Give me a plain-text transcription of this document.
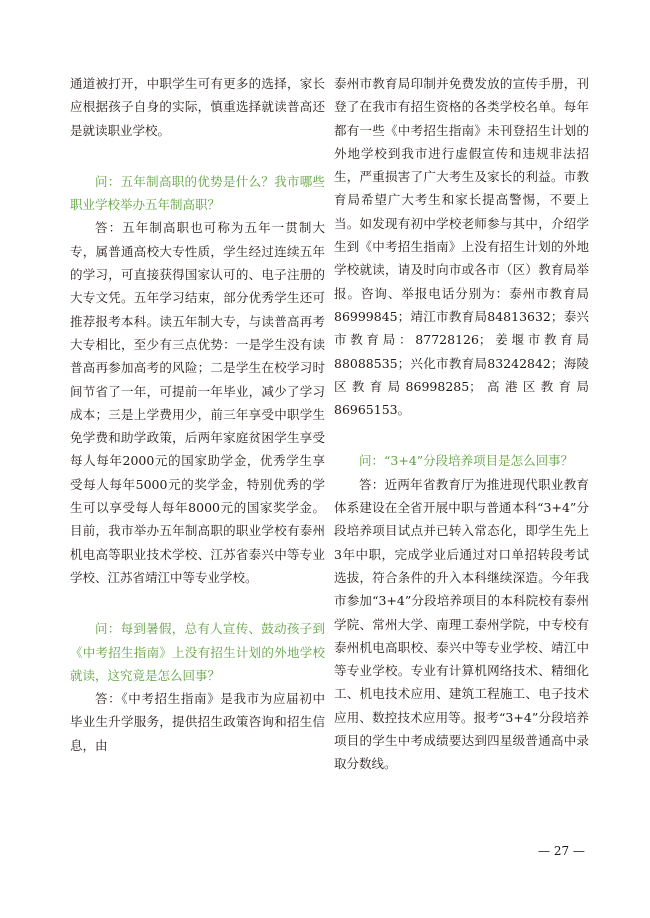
通道被打开，中职学生可有更多的选择，家长应根据孩子自身的实际，慎重选择就读普高还是就读职业学校。

问：五年制高职的优势是什么？我市哪些职业学校举办五年制高职？

答：五年制高职也可称为五年一贯制大专，属普通高校大专性质，学生经过连续五年的学习，可直接获得国家认可的、电子注册的大专文凭。五年学习结束，部分优秀学生还可推荐报考本科。读五年制大专，与读普高再考大专相比，至少有三点优势：一是学生没有读普高再参加高考的风险；二是学生在校学习时间节省了一年，可提前一年毕业，减少了学习成本；三是上学费用少，前三年享受中职学生免学费和助学政策，后两年家庭贫困学生享受每人每年2000元的国家助学金，优秀学生享受每人每年5000元的奖学金，特别优秀的学生可以享受每人每年8000元的国家奖学金。目前，我市举办五年制高职的职业学校有泰州机电高等职业技术学校、江苏省泰兴中等专业学校、江苏省靖江中等专业学校。

问：每到暑假，总有人宣传、鼓动孩子到《中考招生指南》上没有招生计划的外地学校就读，这究竟是怎么回事？

答：《中考招生指南》是我市为应届初中毕业生升学服务，提供招生政策咨询和招生信息，由

泰州市教育局印制并免费发放的宣传手册，刊登了在我市有招生资格的各类学校名单。每年都有一些《中考招生指南》未刊登招生计划的外地学校到我市进行虚假宣传和违规非法招生，严重损害了广大考生及家长的利益。市教育局希望广大考生和家长提高警惕，不要上当。如发现有初中学校老师参与其中，介绍学生到《中考招生指南》上没有招生计划的外地学校就读，请及时向市或各市（区）教育局举报。咨询、举报电话分别为：泰州市教育局86999845；靖江市教育局84813632；泰兴市教育局：87728126；姜堰市教育局88088535；兴化市教育局83242842；海陵区教育局86998285；高港区教育局86965153。

问：“3+4”分段培养项目是怎么回事？

答：近两年省教育厅为推进现代职业教育体系建设在全省开展中职与普通本科“3+4”分段培养项目试点并已转入常态化，即学生先上3年中职，完成学业后通过对口单招转段考试选拔，符合条件的升入本科继续深造。今年我市参加“3+4”分段培养项目的本科院校有泰州学院、常州大学、南理工泰州学院，中专校有泰州机电高职校、泰兴中等专业学校、靖江中等专业学校。专业有计算机网络技术、精细化工、机电技术应用、建筑工程施工、电子技术应用、数控技术应用等。报考“3+4”分段培养项目的学生中考成绩要达到四星级普通高中录取分数线。

— 27 —
